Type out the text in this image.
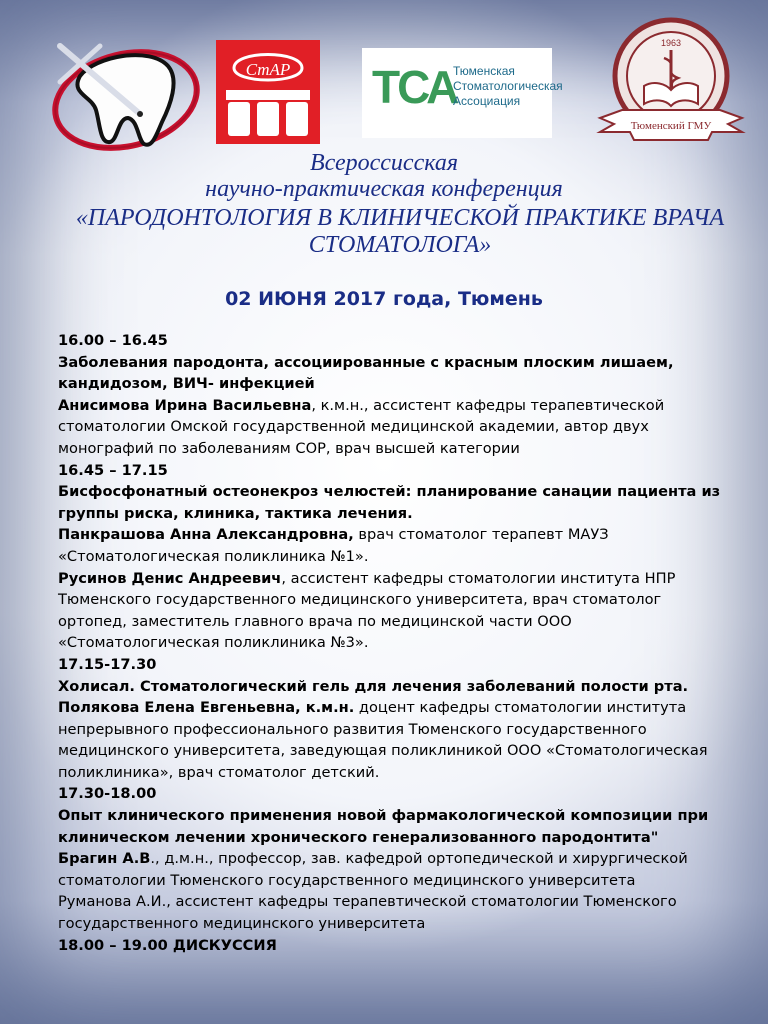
СтАР ТСА
Тюменская
Стоматологическая
Ассоциация
1963
Тюменский ГМУ
Всероссисская
научно-практическая конференция
«ПАРОДОНТОЛОГИЯ В КЛИНИЧЕСКОЙ ПРАКТИКЕ ВРАЧА СТОМАТОЛОГА»
02 ИЮНЯ 2017 года, Тюмень

16.00 – 16.45

Заболевания пародонта, ассоциированные с красным плоским лишаем, кандидозом, ВИЧ- инфекцией

Анисимова Ирина Васильевна, к.м.н., ассистент кафедры терапевтической стоматологии Омской государственной медицинской академии, автор двух монографий по заболеваниям СОР, врач высшей категории

16.45 – 17.15

Бисфосфонатный остеонекроз челюстей: планирование санации пациента из группы риска, клиника, тактика лечения.

Панкрашова Анна Александровна, врач стоматолог терапевт МАУЗ «Стоматологическая поликлиника №1».

Русинов Денис Андреевич, ассистент кафедры стоматологии института НПР Тюменского государственного медицинского университета, врач стоматолог ортопед, заместитель главного врача по медицинской части ООО «Стоматологическая поликлиника №3».

17.15-17.30

Холисал. Стоматологический гель для лечения заболеваний полости рта.

Полякова Елена Евгеньевна, к.м.н. доцент кафедры стоматологии института непрерывного профессионального развития Тюменского государственного медицинского университета, заведующая поликлиникой ООО «Стоматологическая поликлиника», врач стоматолог детский.

17.30-18.00

Опыт клинического применения новой фармакологической композиции при клиническом лечении хронического генерализованного пародонтита"

Брагин А.В., д.м.н., профессор, зав. кафедрой ортопедической и хирургической стоматологии Тюменского государственного медицинского университета

Руманова А.И., ассистент кафедры терапевтической стоматологии Тюменского государственного медицинского университета

18.00 – 19.00 ДИСКУССИЯ
